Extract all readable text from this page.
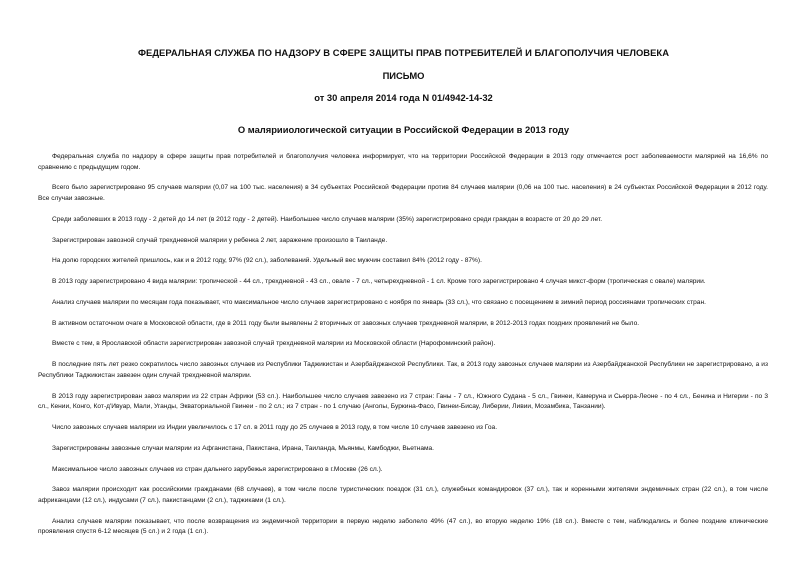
ФЕДЕРАЛЬНАЯ СЛУЖБА ПО НАДЗОРУ В СФЕРЕ ЗАЩИТЫ ПРАВ ПОТРЕБИТЕЛЕЙ И БЛАГОПОЛУЧИЯ ЧЕЛОВЕКА
ПИСЬМО
от 30 апреля 2014 года N 01/4942-14-32
О малярииологической ситуации в Российской Федерации в 2013 году

Федеральная служба по надзору в сфере защиты прав потребителей и благополучия человека информирует, что на территории Российской Федерации в 2013 году отмечается рост заболеваемости малярией на 16,6% по сравнению с предыдущим годом.

Всего было зарегистрировано 95 случаев малярии (0,07 на 100 тыс. населения) в 34 субъектах Российской Федерации против 84 случаев малярии (0,06 на 100 тыс. населения) в 24 субъектах Российской Федерации в 2012 году. Все случаи завозные.

Среди заболевших в 2013 году - 2 детей до 14 лет (в 2012 году - 2 детей). Наибольшее число случаев малярии (35%) зарегистрировано среди граждан в возрасте от 20 до 29 лет.

Зарегистрирован завозной случай трехдневной малярии у ребенка 2 лет, заражение произошло в Таиланде.

На долю городских жителей пришлось, как и в 2012 году, 97% (92 сл.), заболеваний. Удельный вес мужчин составил 84% (2012 году - 87%).

В 2013 году зарегистрировано 4 вида малярии: тропической - 44 сл., трехдневной - 43 сл., овале - 7 сл., четырехдневной - 1 сл. Кроме того зарегистрировано 4 случая микст-форм (тропическая с овале) малярии.

Анализ случаев малярии по месяцам года показывает, что максимальное число случаев зарегистрировано с ноября по январь (33 сл.), что связано с посещением в зимний период россиянами тропических стран.

В активном остаточном очаге в Московской области, где в 2011 году были выявлены 2 вторичных от завозных случаев трехдневной малярии, в 2012-2013 годах поздних проявлений не было.

Вместе с тем, в Ярославской области зарегистрирован завозной случай трехдневной малярии из Московской области (Нарофоминский район).

В последние пять лет резко сократилось число завозных случаев из Республики Таджикистан и Азербайджанской Республики. Так, в 2013 году завозных случаев малярии из Азербайджанской Республики не зарегистрировано, а из Республики Таджикистан завезен один случай трехдневной малярии.

В 2013 году зарегистрирован завоз малярии из 22 стран Африки (53 сл.). Наибольшее число случаев завезено из 7 стран: Ганы - 7 сл., Южного Судана - 5 сл., Гвинеи, Камеруна и Сьерра-Леоне - по 4 сл., Бенина и Нигерии - по 3 сл., Кении, Конго, Кот-д'Ивуар, Мали, Уганды, Экваториальной Гвинеи - по 2 сл.; из 7 стран - по 1 случаю (Анголы, Буркина-Фасо, Гвинеи-Бисау, Либерии, Ливии, Мозамбика, Танзании).

Число завозных случаев малярии из Индии увеличилось с 17 сл. в 2011 году до 25 случаев в 2013 году, в том числе 10 случаев завезено из Гоа.

Зарегистрированы завозные случаи малярии из Афганистана, Пакистана, Ирана, Таиланда, Мьянмы, Камбоджи, Вьетнама.

Максимальное число завозных случаев из стран дальнего зарубежья зарегистрировано в г.Москве (26 сл.).

Завоз малярии происходит как российскими гражданами (68 случаев), в том числе после туристических поездок (31 сл.), служебных командировок (37 сл.), так и коренными жителями эндемичных стран (22 сл.), в том числе африканцами (12 сл.), индусами (7 сл.), пакистанцами (2 сл.), таджиками (1 сл.).

Анализ случаев малярии показывает, что после возвращения из эндемичной территории в первую неделю заболело 49% (47 сл.), во вторую неделю 19% (18 сл.). Вместе с тем, наблюдались и более поздние клинические проявления спустя 6-12 месяцев (5 сл.) и 2 года (1 сл.).
